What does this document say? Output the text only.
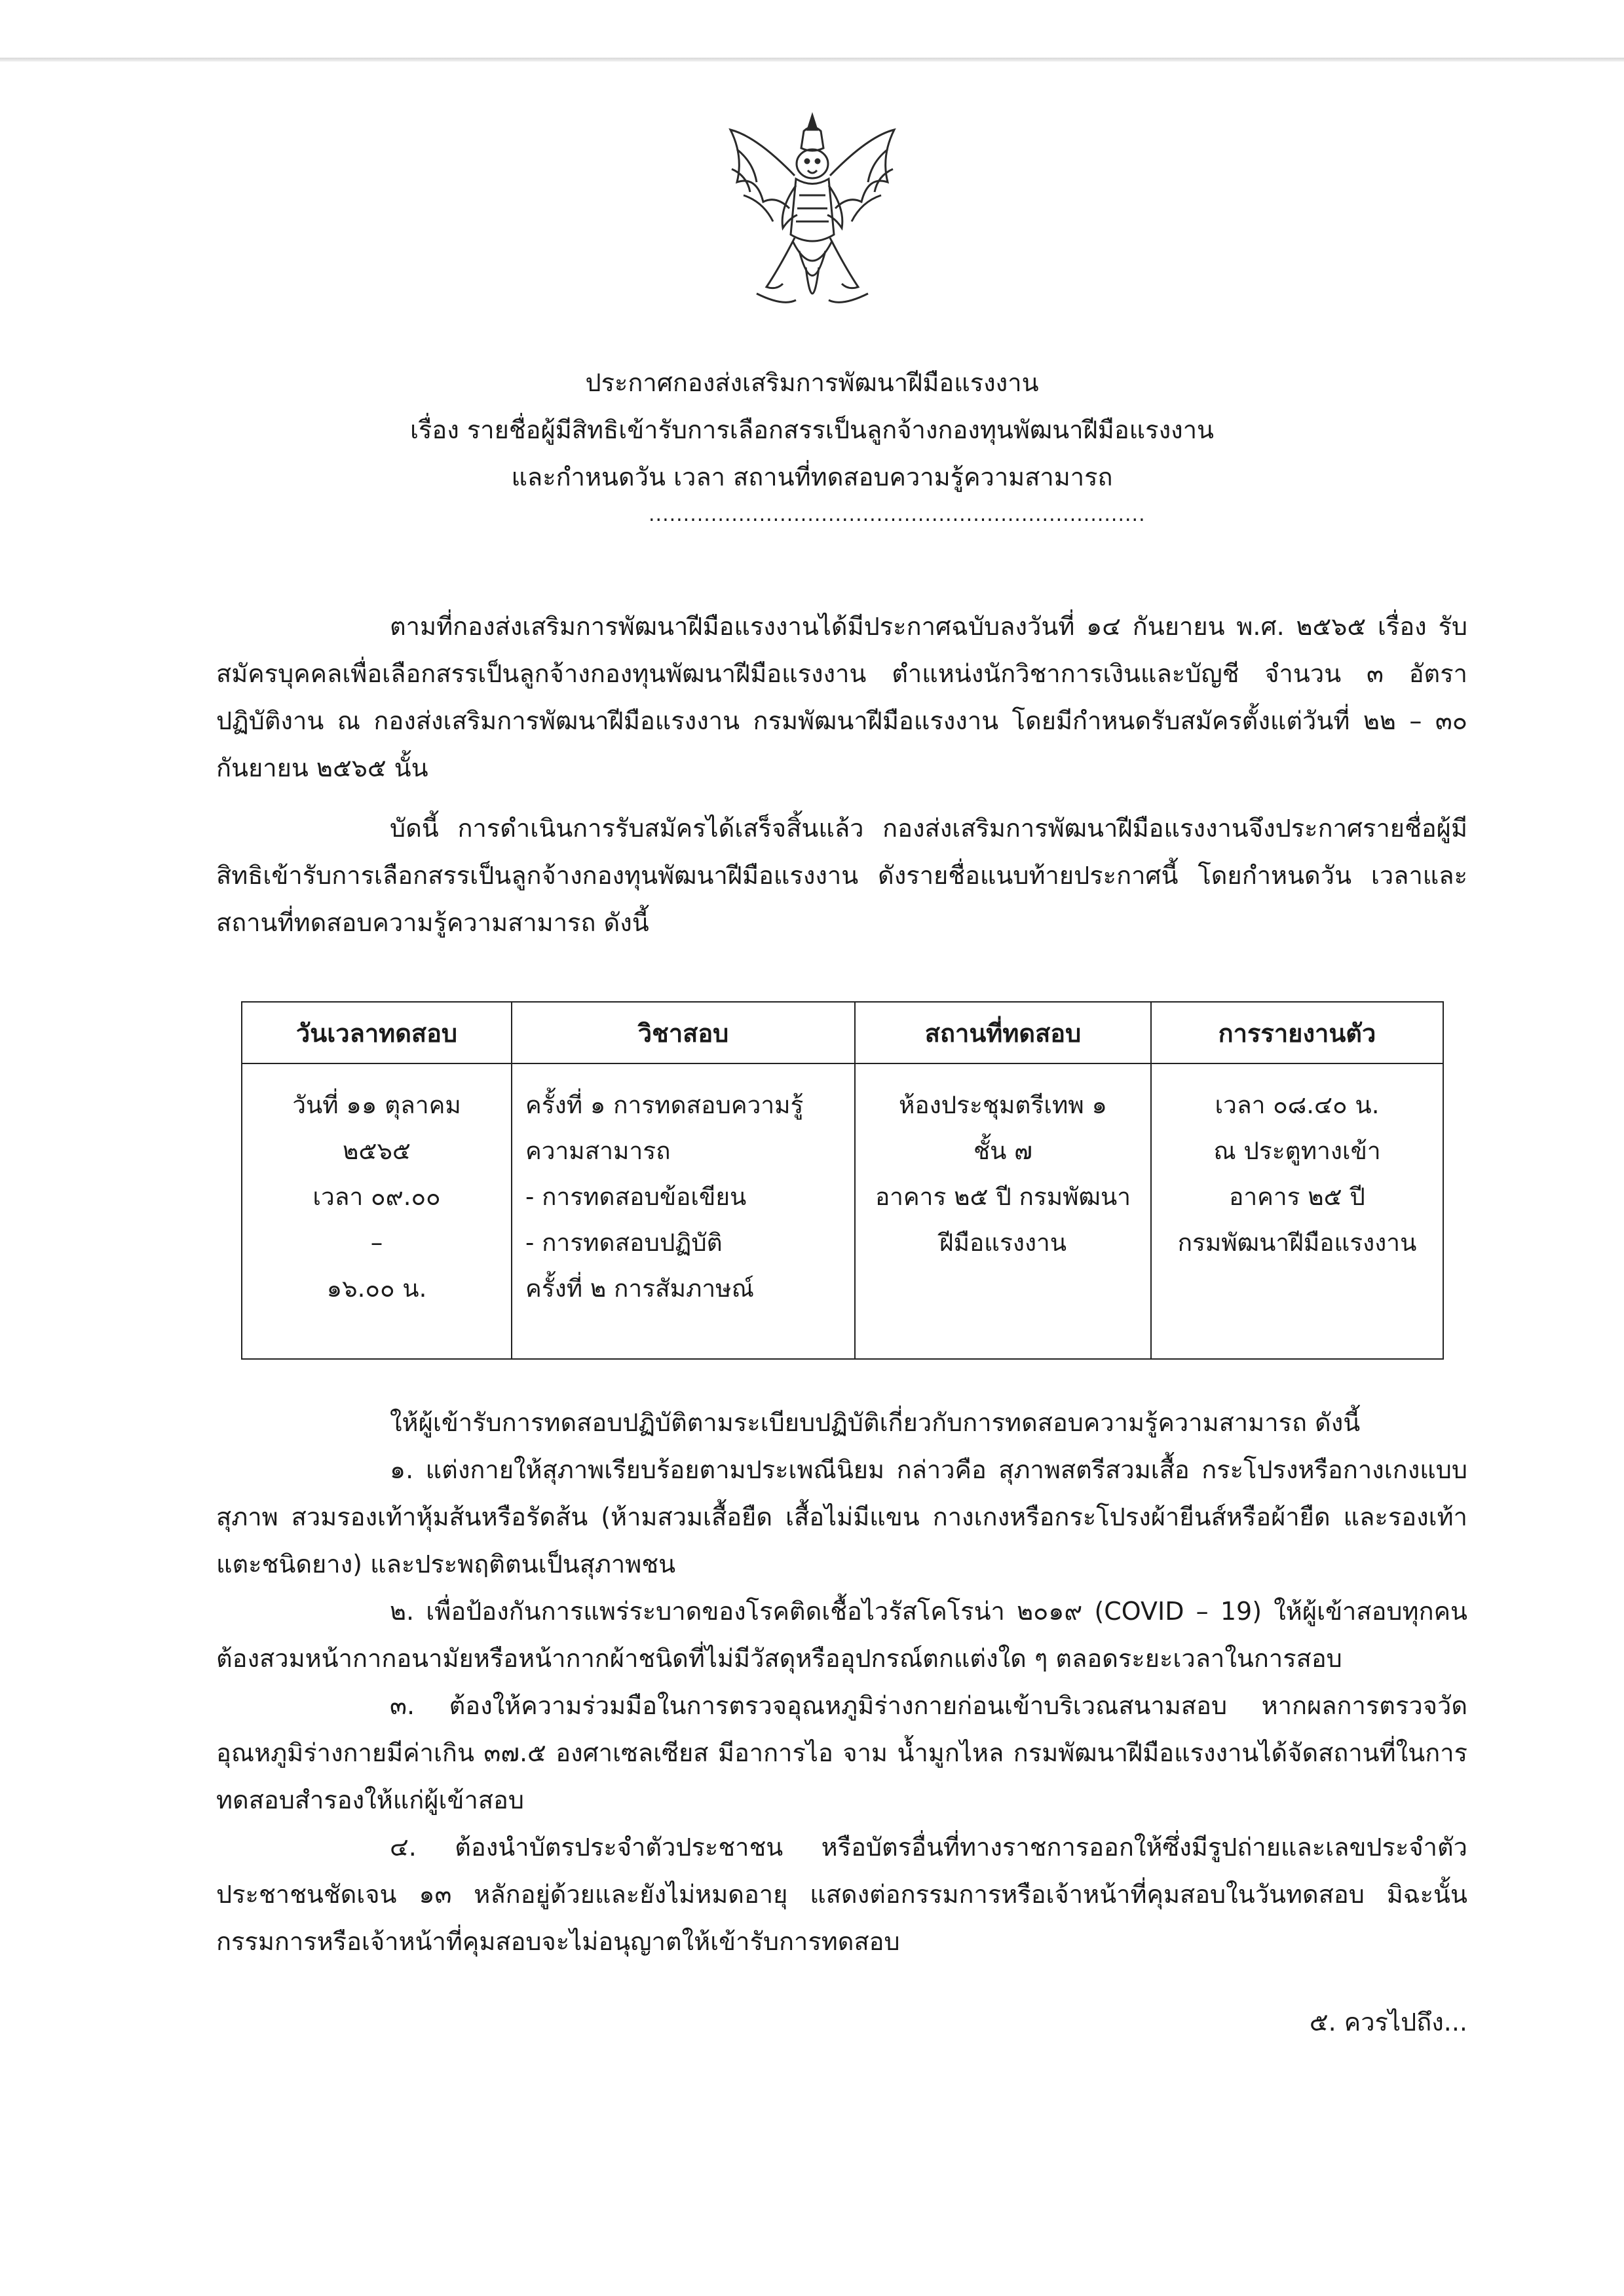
ประกาศกองส่งเสริมการพัฒนาฝีมือแรงงาน
เรื่อง รายชื่อผู้มีสิทธิเข้ารับการเลือกสรรเป็นลูกจ้างกองทุนพัฒนาฝีมือแรงงาน
และกำหนดวัน เวลา สถานที่ทดสอบความรู้ความสามารถ
........................................................................

ตามที่กองส่งเสริมการพัฒนาฝีมือแรงงานได้มีประกาศฉบับลงวันที่ ๑๔ กันยายน พ.ศ. ๒๕๖๕ เรื่อง รับสมัครบุคคลเพื่อเลือกสรรเป็นลูกจ้างกองทุนพัฒนาฝีมือแรงงาน ตำแหน่งนักวิชาการเงินและบัญชี จำนวน ๓ อัตรา ปฏิบัติงาน ณ กองส่งเสริมการพัฒนาฝีมือแรงงาน กรมพัฒนาฝีมือแรงงาน โดยมีกำหนดรับสมัครตั้งแต่วันที่ ๒๒ – ๓๐ กันยายน ๒๕๖๕ นั้น

บัดนี้ การดำเนินการรับสมัครได้เสร็จสิ้นแล้ว กองส่งเสริมการพัฒนาฝีมือแรงงานจึงประกาศรายชื่อผู้มีสิทธิเข้ารับการเลือกสรรเป็นลูกจ้างกองทุนพัฒนาฝีมือแรงงาน ดังรายชื่อแนบท้ายประกาศนี้ โดยกำหนดวัน เวลาและสถานที่ทดสอบความรู้ความสามารถ ดังนี้

วันเวลาทดสอบ	วิชาสอบ	สถานที่ทดสอบ	การรายงานตัว

วันที่ ๑๑ ตุลาคม
๒๕๖๕
เวลา ๐๙.๐๐
–
๑๖.๐๐ น.	ครั้งที่ ๑ การทดสอบความรู้
ความสามารถ
- การทดสอบข้อเขียน
- การทดสอบปฏิบัติ
ครั้งที่ ๒ การสัมภาษณ์	ห้องประชุมตรีเทพ ๑
ชั้น ๗
อาคาร ๒๕ ปี กรมพัฒนา
ฝีมือแรงงาน	เวลา ๐๘.๔๐ น.
ณ ประตูทางเข้า
อาคาร ๒๕ ปี
กรมพัฒนาฝีมือแรงงาน

ให้ผู้เข้ารับการทดสอบปฏิบัติตามระเบียบปฏิบัติเกี่ยวกับการทดสอบความรู้ความสามารถ ดังนี้

๑. แต่งกายให้สุภาพเรียบร้อยตามประเพณีนิยม กล่าวคือ สุภาพสตรีสวมเสื้อ กระโปรงหรือกางเกงแบบสุภาพ สวมรองเท้าหุ้มส้นหรือรัดส้น (ห้ามสวมเสื้อยืด เสื้อไม่มีแขน กางเกงหรือกระโปรงผ้ายีนส์หรือผ้ายืด และรองเท้าแตะชนิดยาง) และประพฤติตนเป็นสุภาพชน

๒. เพื่อป้องกันการแพร่ระบาดของโรคติดเชื้อไวรัสโคโรน่า ๒๐๑๙ (COVID – 19) ให้ผู้เข้าสอบทุกคนต้องสวมหน้ากากอนามัยหรือหน้ากากผ้าชนิดที่ไม่มีวัสดุหรืออุปกรณ์ตกแต่งใด ๆ ตลอดระยะเวลาในการสอบ

๓. ต้องให้ความร่วมมือในการตรวจอุณหภูมิร่างกายก่อนเข้าบริเวณสนามสอบ หากผลการตรวจวัดอุณหภูมิร่างกายมีค่าเกิน ๓๗.๕ องศาเซลเซียส มีอาการไอ จาม น้ำมูกไหล กรมพัฒนาฝีมือแรงงานได้จัดสถานที่ในการทดสอบสำรองให้แก่ผู้เข้าสอบ

๔. ต้องนำบัตรประจำตัวประชาชน หรือบัตรอื่นที่ทางราชการออกให้ซึ่งมีรูปถ่ายและเลขประจำตัวประชาชนชัดเจน ๑๓ หลักอยู่ด้วยและยังไม่หมดอายุ แสดงต่อกรรมการหรือเจ้าหน้าที่คุมสอบในวันทดสอบ มิฉะนั้น กรรมการหรือเจ้าหน้าที่คุมสอบจะไม่อนุญาตให้เข้ารับการทดสอบ

๕. ควรไปถึง...
